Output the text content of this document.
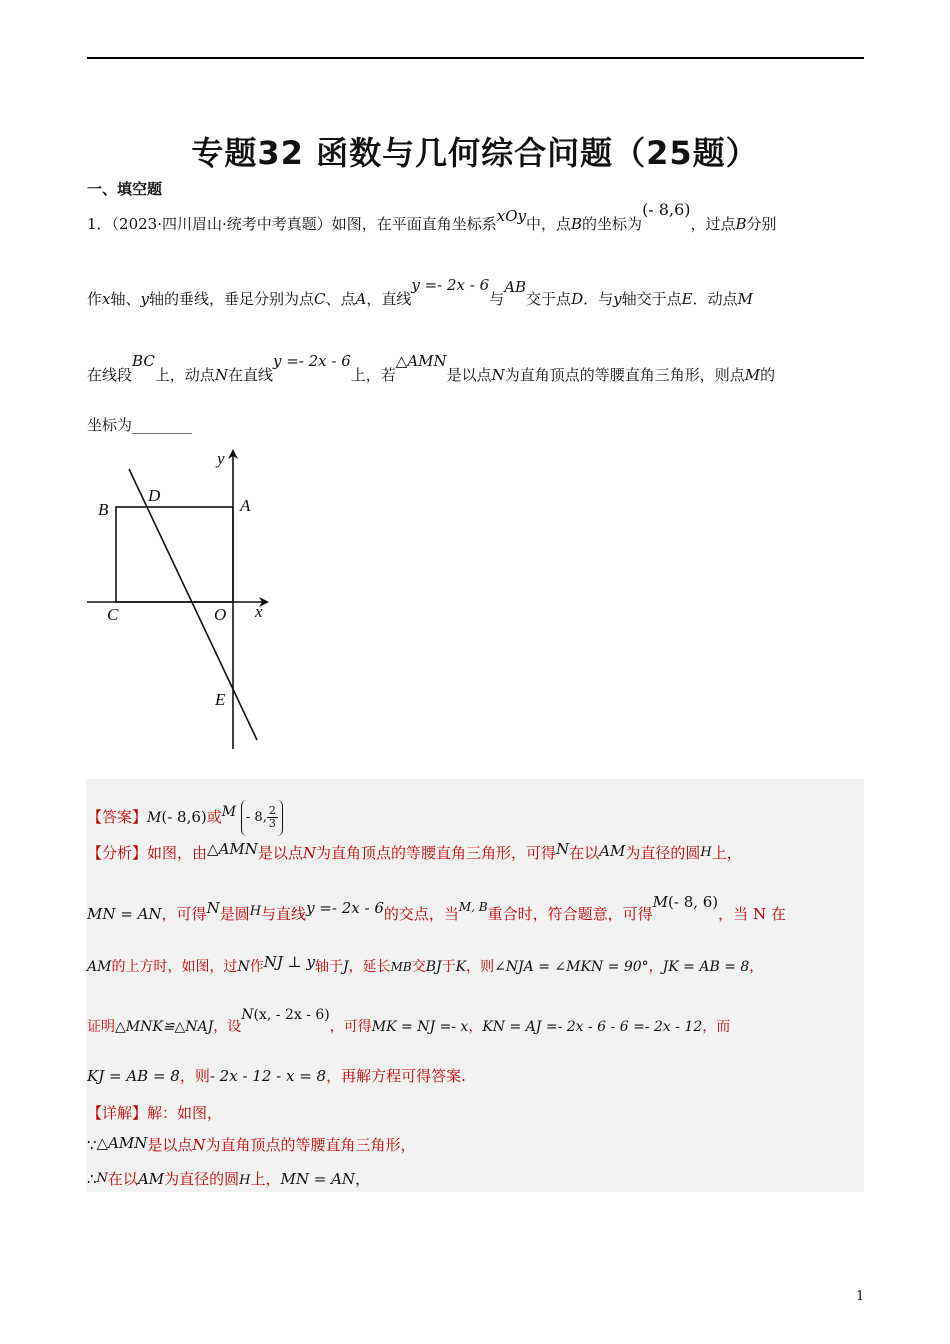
专题32 函数与几何综合问题（25题）
一、填空题
1．（2023·四川眉山·统考中考真题）如图，在平面直角坐标系xOy中，点B的坐标为(- 8,6)，过点B分别
作x轴、y轴的垂线，垂足分别为点C、点A，直线y =- 2x - 6与AB交于点D．与y轴交于点E．动点M
在线段BC上，动点N在直线y =- 2x - 6上，若△AMN是以点N为直角顶点的等腰直角三角形，则点M的
坐标为________
y
x
B
D
A
C	O
E
【答案】M(- 8,6)或M - 8, $\frac{2}{3}$
【分析】如图，由△AMN是以点N为直角顶点的等腰直角三角形，可得N在以AM为直径的圆H上，
MN = AN，可得N是圆H与直线y =- 2x - 6的交点，当$^{M, B}$重合时，符合题意，可得M(- 8, 6)，当 N 在
AM的上方时，如图，过N作NJ ⊥ y轴于J，延长MB交BJ于K，则∠NJA = ∠MKN = 90°，JK = AB = 8，
证明△MNK≌△NAJ，设N(x, - 2x - 6)，可得MK = NJ =- x，KN = AJ =- 2x - 6 - 6 =- 2x - 12，而
KJ = AB = 8，则- 2x - 12 - x = 8，再解方程可得答案.
【详解】解：如图，
∵△AMN是以点N为直角顶点的等腰直角三角形，
∴N在以AM为直径的圆H上，MN = AN，
1
